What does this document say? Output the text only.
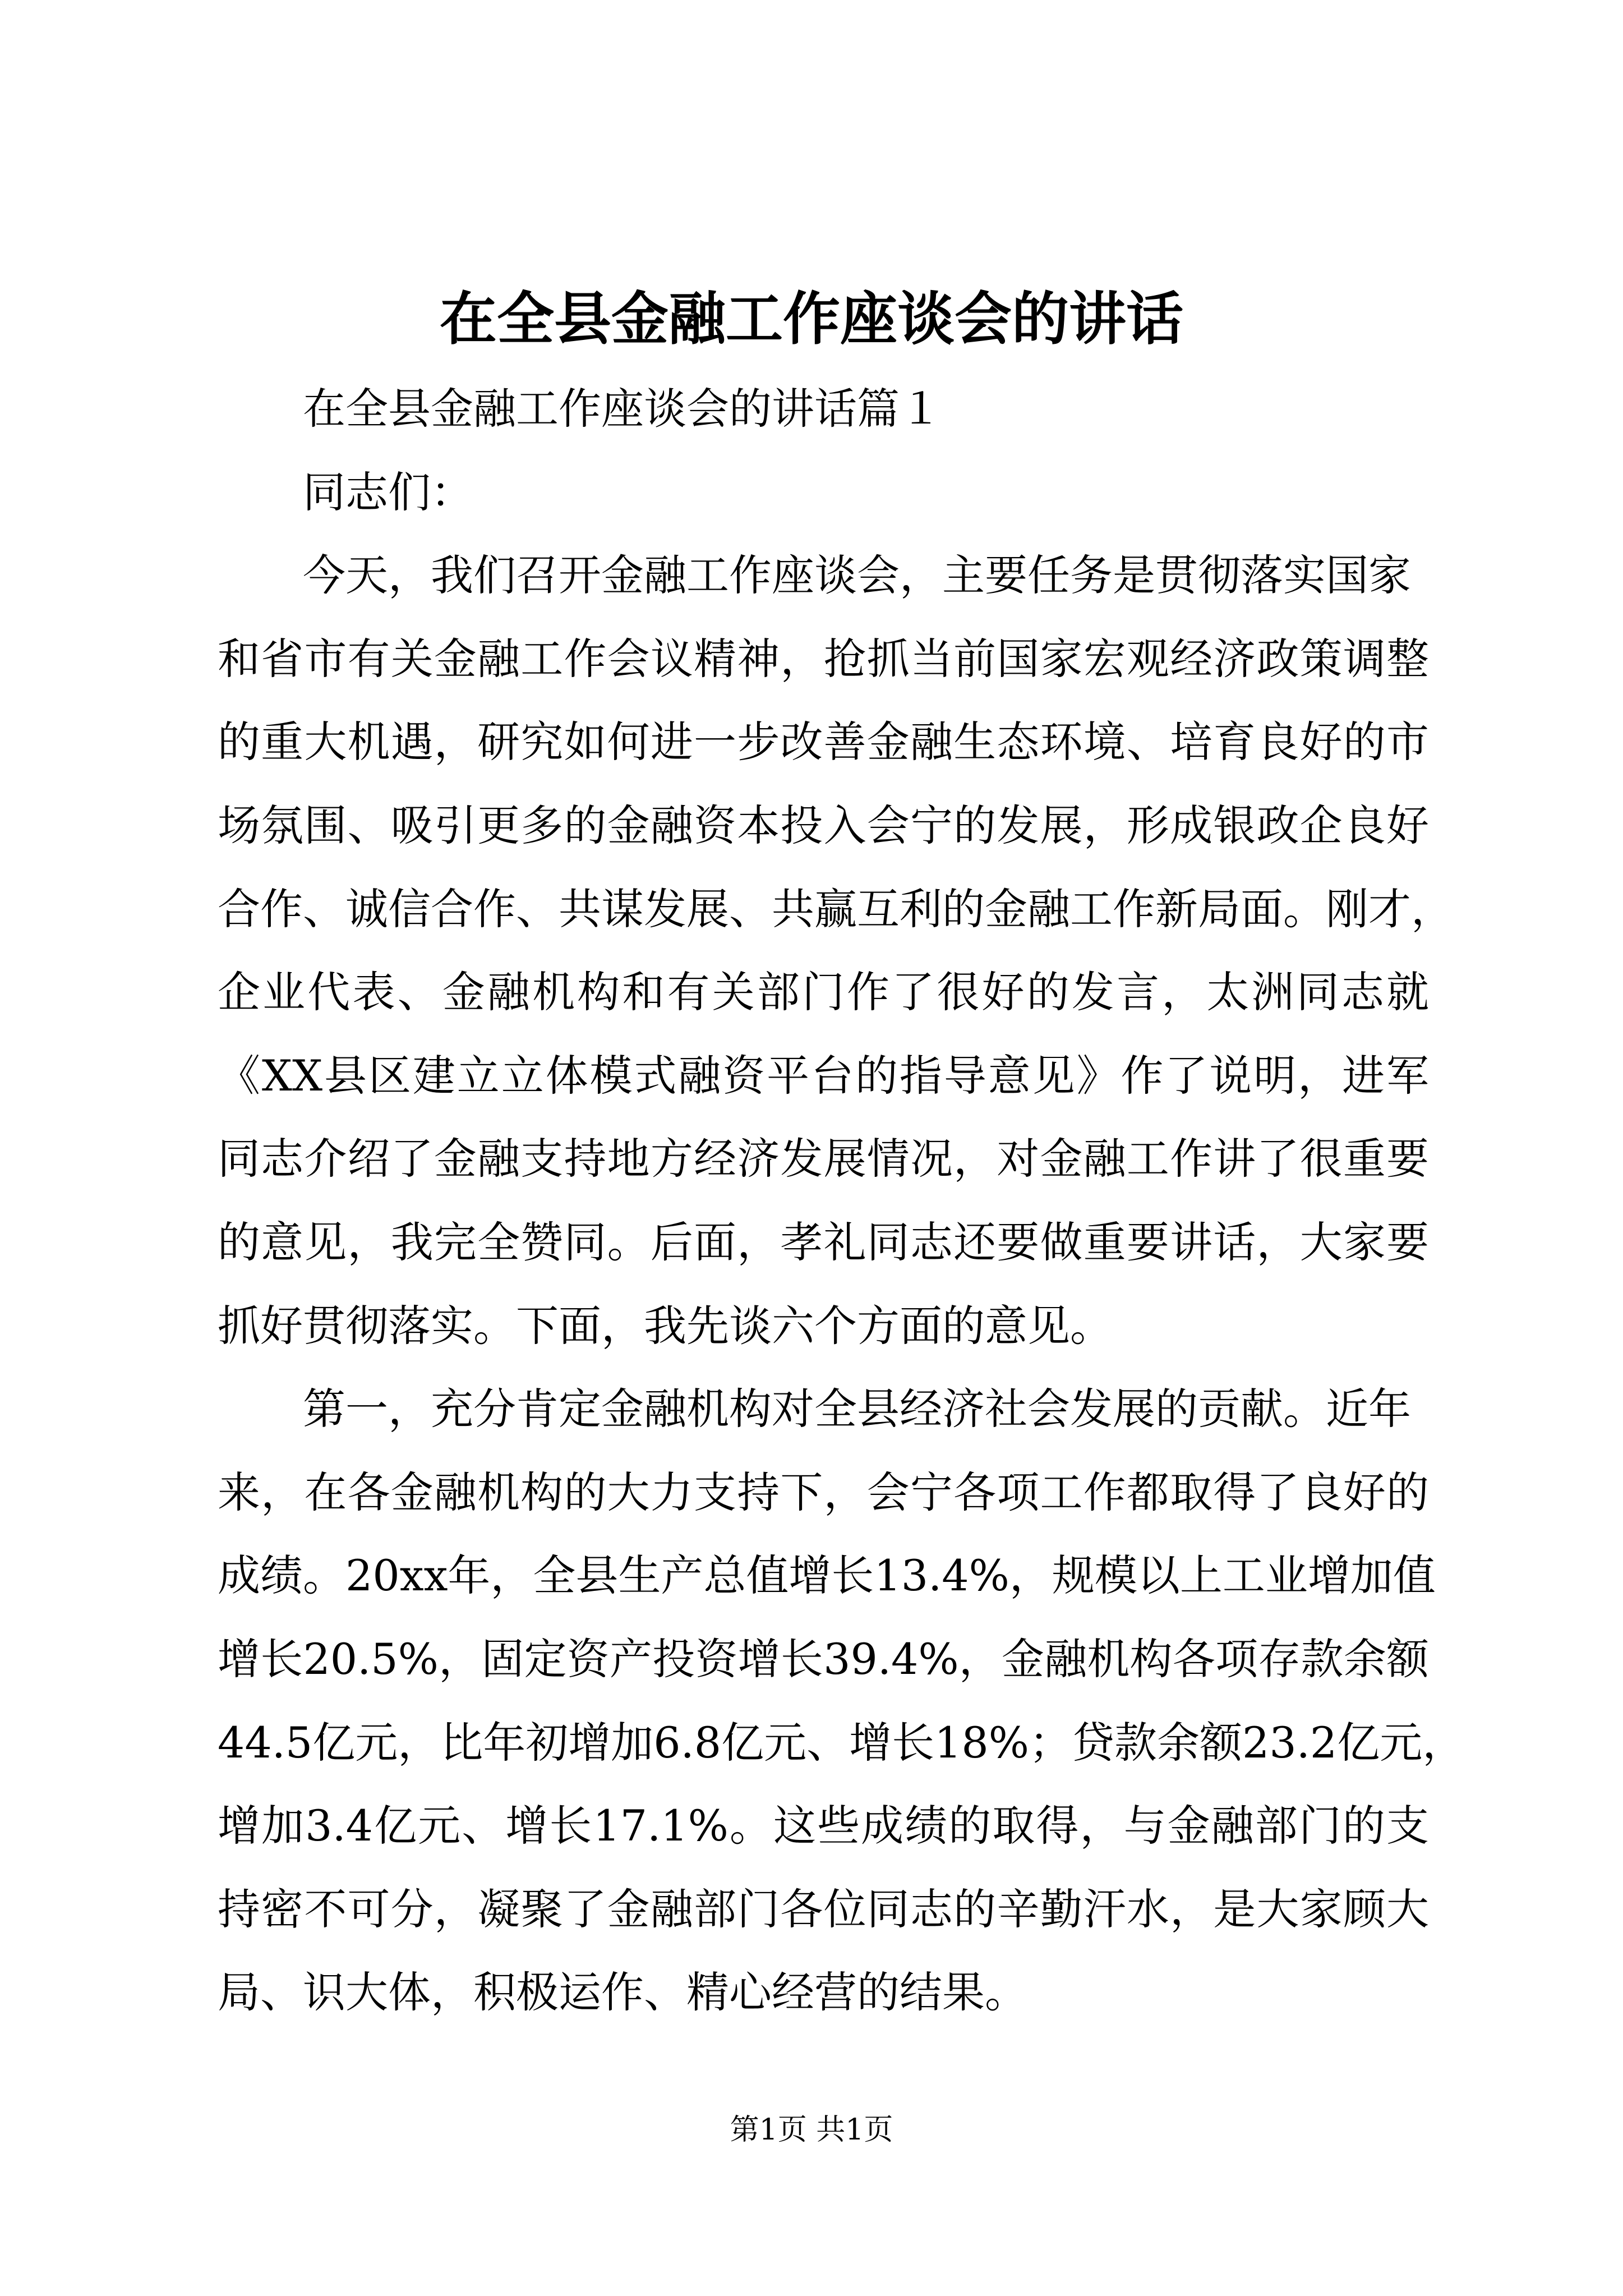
在全县金融工作座谈会的讲话
在全县金融工作座谈会的讲话篇１
同志们：
今天，我们召开金融工作座谈会，主要任务是贯彻落实国家
和省市有关金融工作会议精神，抢抓当前国家宏观经济政策调整
的重大机遇，研究如何进一步改善金融生态环境、培育良好的市
场氛围、吸引更多的金融资本投入会宁的发展，形成银政企良好
合作、诚信合作、共谋发展、共赢互利的金融工作新局面。刚才，
企业代表、金融机构和有关部门作了很好的发言，太洲同志就
《XX县区建立立体模式融资平台的指导意见》作了说明，进军
同志介绍了金融支持地方经济发展情况，对金融工作讲了很重要
的意见，我完全赞同。后面，孝礼同志还要做重要讲话，大家要
抓好贯彻落实。下面，我先谈六个方面的意见。
第一，充分肯定金融机构对全县经济社会发展的贡献。近年
来，在各金融机构的大力支持下，会宁各项工作都取得了良好的
成绩。20xx年，全县生产总值增长13.4%，规模以上工业增加值
增长20.5%，固定资产投资增长39.4%，金融机构各项存款余额
44.5亿元，比年初增加6.8亿元、增长18%；贷款余额23.2亿元，
增加3.4亿元、增长17.1%。这些成绩的取得，与金融部门的支
持密不可分，凝聚了金融部门各位同志的辛勤汗水，是大家顾大
局、识大体，积极运作、精心经营的结果。
第1页 共1页
